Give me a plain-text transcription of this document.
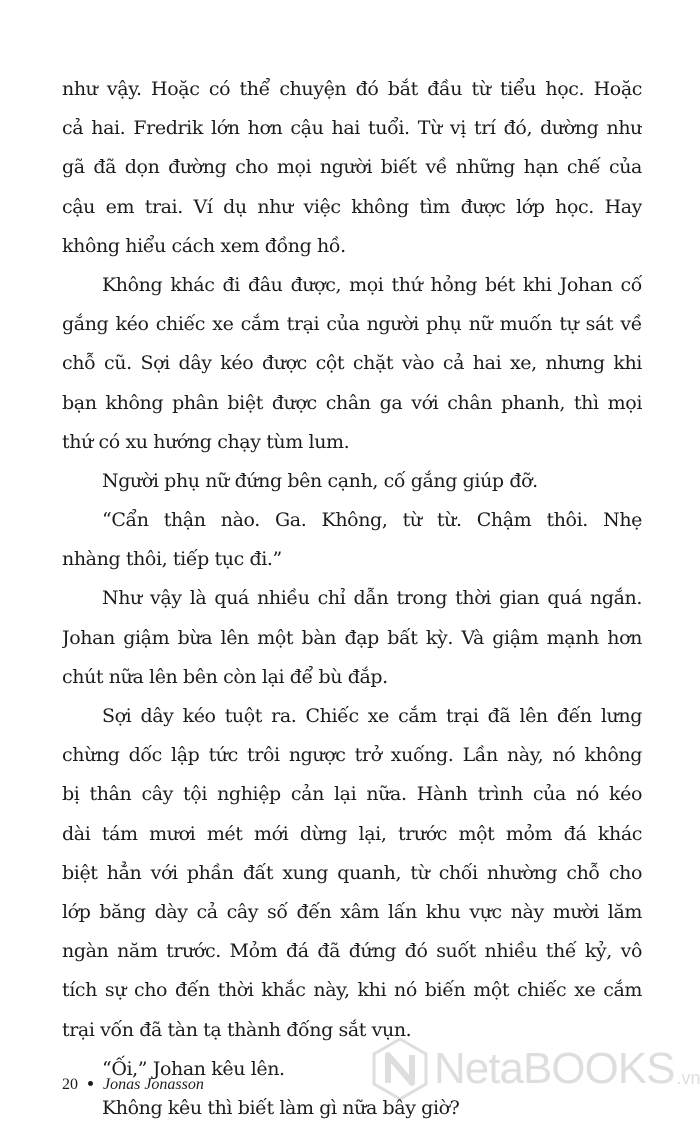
như vậy. Hoặc có thể chuyện đó bắt đầu từ tiểu học. Hoặc
cả hai. Fredrik lớn hơn cậu hai tuổi. Từ vị trí đó, dường như
gã đã dọn đường cho mọi người biết về những hạn chế của
cậu em trai. Ví dụ như việc không tìm được lớp học. Hay
không hiểu cách xem đồng hồ.
Không khác đi đâu được, mọi thứ hỏng bét khi Johan cố
gắng kéo chiếc xe cắm trại của người phụ nữ muốn tự sát về
chỗ cũ. Sợi dây kéo được cột chặt vào cả hai xe, nhưng khi
bạn không phân biệt được chân ga với chân phanh, thì mọi
thứ có xu hướng chạy tùm lum.
Người phụ nữ đứng bên cạnh, cố gắng giúp đỡ.
“Cẩn thận nào. Ga. Không, từ từ. Chậm thôi. Nhẹ
nhàng thôi, tiếp tục đi.”
Như vậy là quá nhiều chỉ dẫn trong thời gian quá ngắn.
Johan giậm bừa lên một bàn đạp bất kỳ. Và giậm mạnh hơn
chút nữa lên bên còn lại để bù đắp.
Sợi dây kéo tuột ra. Chiếc xe cắm trại đã lên đến lưng
chừng dốc lập tức trôi ngược trở xuống. Lần này, nó không
bị thân cây tội nghiệp cản lại nữa. Hành trình của nó kéo
dài tám mươi mét mới dừng lại, trước một mỏm đá khác
biệt hẳn với phần đất xung quanh, từ chối nhường chỗ cho
lớp băng dày cả cây số đến xâm lấn khu vực này mười lăm
ngàn năm trước. Mỏm đá đã đứng đó suốt nhiều thế kỷ, vô
tích sự cho đến thời khắc này, khi nó biến một chiếc xe cắm
trại vốn đã tàn tạ thành đống sắt vụn.
“Ối,” Johan kêu lên.
Không kêu thì biết làm gì nữa bây giờ?
20 Jonas Jonasson	NetaBOOKS .vn
